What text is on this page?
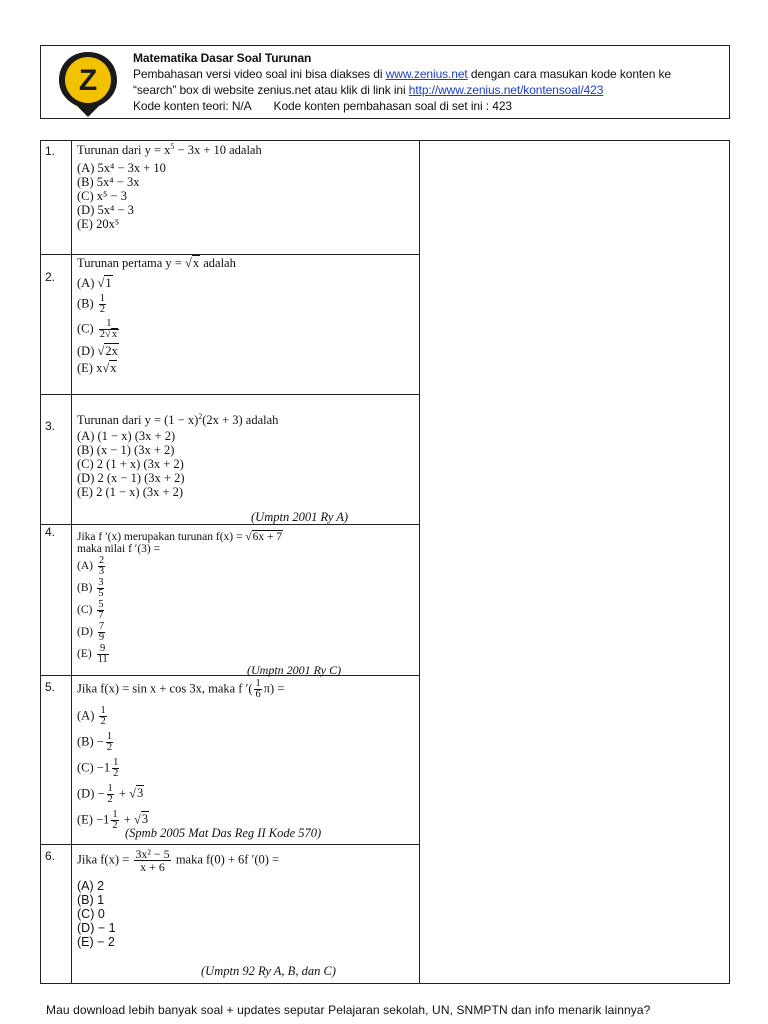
Z
Matematika Dasar Soal Turunan
Pembahasan versi video soal ini bisa diakses di www.zenius.net dengan cara masukan kode konten ke
“search” box di website zenius.net atau klik di link ini http://www.zenius.net/kontensoal/423
Kode konten teori: N/A Kode konten pembahasan soal di set ini : 423
1. Turunan dari $y = x^5 - 3x + 10$ adalah
(A) 5x⁴ − 3x + 10
(B) 5x⁴ − 3x
(C) x⁵ − 3
(D) 5x⁴ − 3
(E) 20x⁵
2.
Turunan pertama y = √x adalah
(A) √1
$(B) \frac{1}{2}$
$(C) \frac{1}{2√x}$
(D) √2x
(E) x√x
3. Turunan dari $y = (1 - x)^2(2x + 3)$ adalah
(A) (1 − x) (3x + 2)
(B) (x − 1) (3x + 2)
(C) 2 (1 + x) (3x + 2)
(D) 2 (x − 1) (3x + 2)
(E) 2 (1 − x) (3x + 2)
(Umptn 2001 Ry A)
4. Jika f ′(x) merupakan turunan f(x) = √6x + 7
maka nilai f ′(3) =
$(A) \frac{2}{3}$
$(B) \frac{3}{5}$
$(C) \frac{5}{7}$
$(D) \frac{7}{9}$
$(E) \frac{9}{11}$
(Umptn 2001 Ry C)
5. Jika f(x) = sin x + cos 3x, maka f ′( $\frac{1}{6} \pi$) =
$(A) \frac{1}{2}$
$(B) - \frac{1}{2}$
$(C) -1 \frac{1}{2}$
$(D) - \frac{1}{2} + √3$
$(E) -1 \frac{1}{2} + √3$
(Spmb 2005 Mat Das Reg II Kode 570)
6. Jika $f(x) = \frac{\text{3x² − 5}}{x + 6}$ maka f(0) + 6f ′(0) =
(A) 2
(B) 1
(C) 0
(D) − 1
(E) − 2
(Umptn 92 Ry A, B, dan C)
Mau download lebih banyak soal + updates seputar Pelajaran sekolah, UN, SNMPTN dan info menarik lainnya?
